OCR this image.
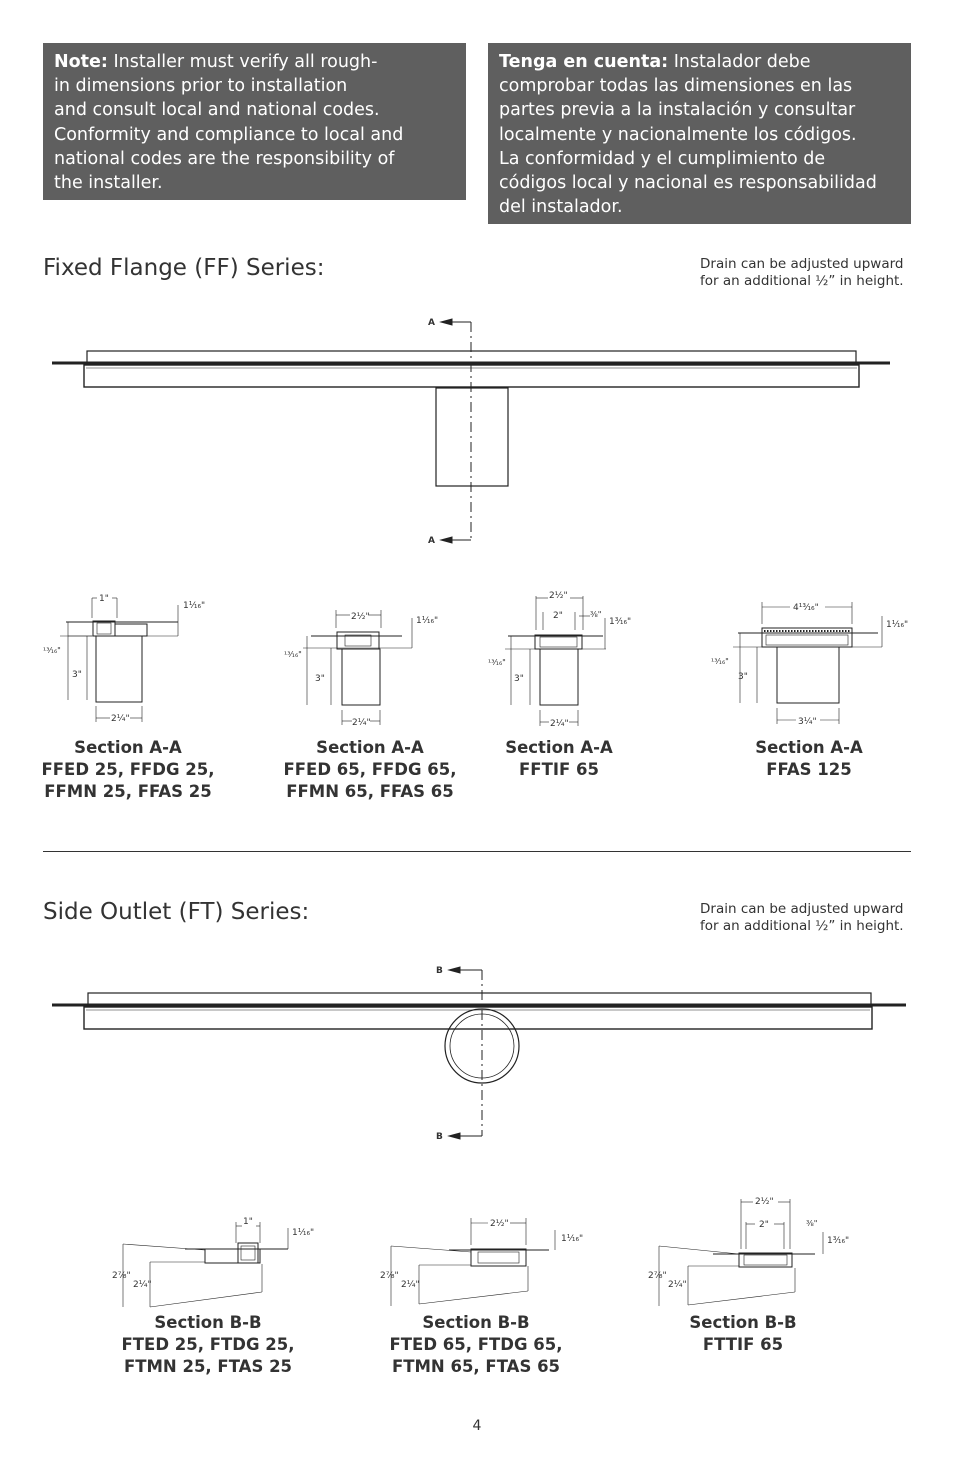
Note: Installer must verify all rough-
in dimensions prior to installation
and consult local and national codes.
Conformity and compliance to local and
national codes are the responsibility of
the installer.
Tenga en cuenta: Instalador debe
comprobar todas las dimensiones en las
partes previa a la instalación y consultar
localmente y nacionalmente los códigos.
La conformidad y el cumplimiento de
códigos local y nacional es responsabilidad
del instalador.
Fixed Flange (FF) Series:	Drain can be adjusted upward
for an additional ½” in height.
Side Outlet (FT) Series:	Drain can be adjusted upward
for an additional ½” in height.
A
A
1"
1¹⁄₁₆"
¹³⁄₁₆"
3"
2¼"
2½"	1¹⁄₁₆"
¹³⁄₁₆"
3"
2¼"
2½"
2"	⅜"
1³⁄₁₆"
¹³⁄₁₆"
3"
2¼"
4¹³⁄₁₆"
1¹⁄₁₆"
¹³⁄₁₆"
3"
3¼"
B
B
1"
1¹⁄₁₆"
2⅞"
2¼"
2½"
1¹⁄₁₆"
2⅞"
2¼"
2½"
2"	⅜"
1³⁄₁₆"
2⅞"
2¼"
Section A-A
FFED 25, FFDG 25,
FFMN 25, FFAS 25
Section A-A
FFED 65, FFDG 65,
FFMN 65, FFAS 65
Section A-A
FFTIF 65
Section A-A
FFAS 125
Section B-B
FTED 25, FTDG 25,
FTMN 25, FTAS 25
Section B-B
FTED 65, FTDG 65,
FTMN 65, FTAS 65
Section B-B
FTTIF 65
4
